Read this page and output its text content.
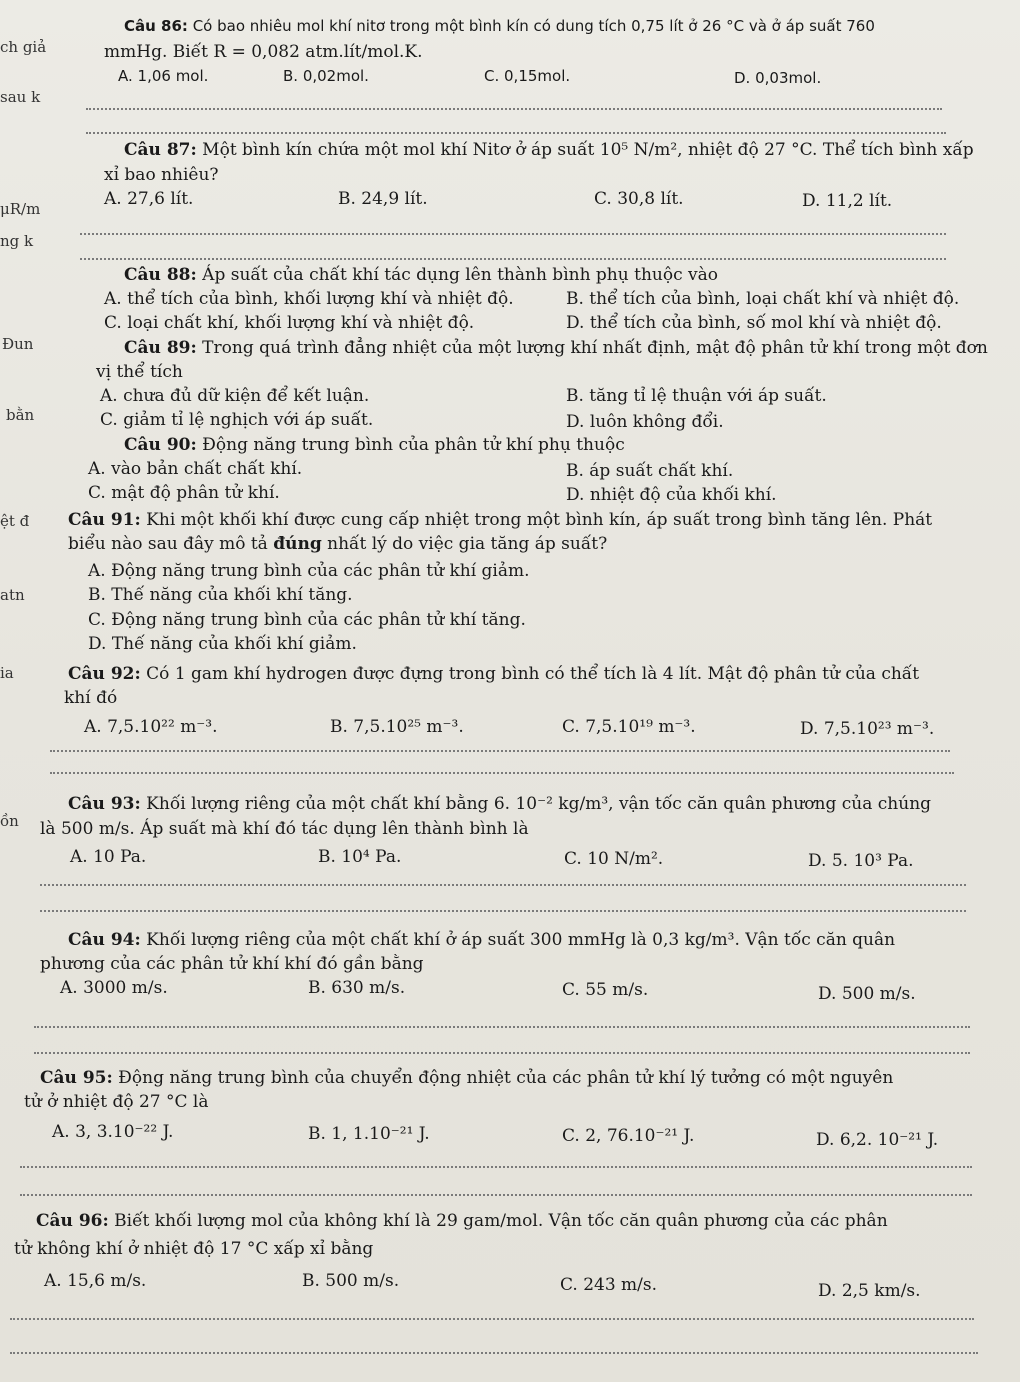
ch giả
sau k
μR/m
ng k
Đun
bằn
ệt đ
atn
ia
ồn
Câu 86: Có bao nhiêu mol khí nitơ trong một bình kín có dung tích 0,75 lít ở 26 °C và ở áp suất 760
mmHg. Biết R = 0,082 atm.lít/mol.K.
A. 1,06 mol.	B. 0,02mol.	C. 0,15mol.	D. 0,03mol.
Câu 87: Một bình kín chứa một mol khí Nitơ ở áp suất 10⁵ N/m², nhiệt độ 27 °C. Thể tích bình xấp
xỉ bao nhiêu?
A. 27,6 lít.	B. 24,9 lít.	C. 30,8 lít.	D. 11,2 lít.
Câu 88: Áp suất của chất khí tác dụng lên thành bình phụ thuộc vào
A. thể tích của bình, khối lượng khí và nhiệt độ.	B. thể tích của bình, loại chất khí và nhiệt độ.
C. loại chất khí, khối lượng khí và nhiệt độ.	D. thể tích của bình, số mol khí và nhiệt độ.
Câu 89: Trong quá trình đẳng nhiệt của một lượng khí nhất định, mật độ phân tử khí trong một đơn
vị thể tích
A. chưa đủ dữ kiện để kết luận.	B. tăng tỉ lệ thuận với áp suất.
C. giảm tỉ lệ nghịch với áp suất.	D. luôn không đổi.
Câu 90: Động năng trung bình của phân tử khí phụ thuộc
A. vào bản chất chất khí.	B. áp suất chất khí.
C. mật độ phân tử khí.	D. nhiệt độ của khối khí.
Câu 91: Khi một khối khí được cung cấp nhiệt trong một bình kín, áp suất trong bình tăng lên. Phát
biểu nào sau đây mô tả đúng nhất lý do việc gia tăng áp suất?
A. Động năng trung bình của các phân tử khí giảm.
B. Thế năng của khối khí tăng.
C. Động năng trung bình của các phân tử khí tăng.
D. Thế năng của khối khí giảm.
Câu 92: Có 1 gam khí hydrogen được đựng trong bình có thể tích là 4 lít. Mật độ phân tử của chất
khí đó
A. 7,5.10²² m⁻³.	B. 7,5.10²⁵ m⁻³.	C. 7,5.10¹⁹ m⁻³.	D. 7,5.10²³ m⁻³.
Câu 93: Khối lượng riêng của một chất khí bằng 6. 10⁻² kg/m³, vận tốc căn quân phương của chúng
là 500 m/s. Áp suất mà khí đó tác dụng lên thành bình là
A. 10 Pa.	B. 10⁴ Pa.	C. 10 N/m².	D. 5. 10³ Pa.
Câu 94: Khối lượng riêng của một chất khí ở áp suất 300 mmHg là 0,3 kg/m³. Vận tốc căn quân
phương của các phân tử khí khí đó gần bằng
A. 3000 m/s.	B. 630 m/s.	C. 55 m/s.	D. 500 m/s.
Câu 95: Động năng trung bình của chuyển động nhiệt của các phân tử khí lý tưởng có một nguyên
tử ở nhiệt độ 27 °C là
A. 3, 3.10⁻²² J.	B. 1, 1.10⁻²¹ J.	C. 2, 76.10⁻²¹ J.	D. 6,2. 10⁻²¹ J.
Câu 96: Biết khối lượng mol của không khí là 29 gam/mol. Vận tốc căn quân phương của các phân
tử không khí ở nhiệt độ 17 °C xấp xỉ bằng
A. 15,6 m/s.	B. 500 m/s.	C. 243 m/s.	D. 2,5 km/s.
